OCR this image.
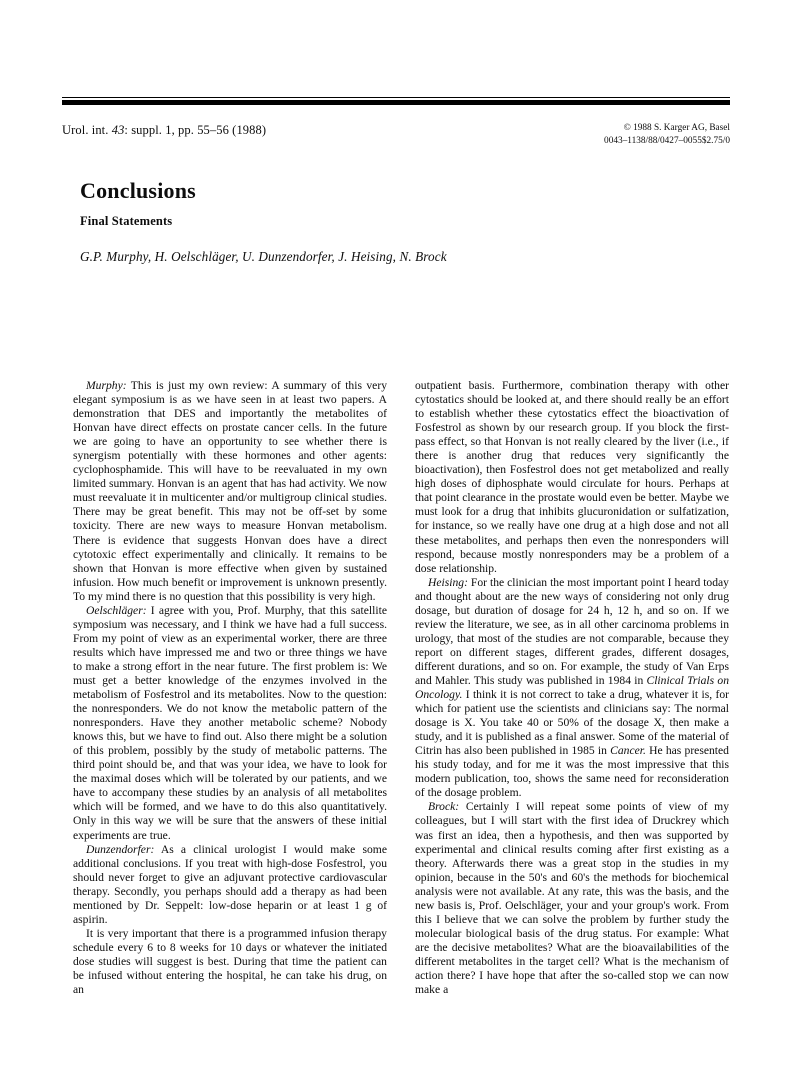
Urol. int. 43: suppl. 1, pp. 55–56 (1988)	© 1988 S. Karger AG, Basel
0043–1138/88/0427–0055$2.75/0
Conclusions
Final Statements
G.P. Murphy, H. Oelschläger, U. Dunzendorfer, J. Heising, N. Brock

Murphy: This is just my own review: A summary of this very elegant symposium is as we have seen in at least two papers. A demonstration that DES and importantly the metabolites of Honvan have direct effects on prostate cancer cells. In the future we are going to have an opportunity to see whether there is synergism potentially with these hormones and other agents: cyclophosphamide. This will have to be reevaluated in my own limited summary. Honvan is an agent that has had activity. We now must reevaluate it in multicenter and/or multigroup clinical studies. There may be great benefit. This may not be off-set by some toxicity. There are new ways to measure Honvan metabolism. There is evidence that suggests Honvan does have a direct cytotoxic effect experimentally and clinically. It remains to be shown that Honvan is more effective when given by sustained infusion. How much benefit or improvement is unknown presently. To my mind there is no question that this possibility is very high.

Oelschläger: I agree with you, Prof. Murphy, that this satellite symposium was necessary, and I think we have had a full success. From my point of view as an experimental worker, there are three results which have impressed me and two or three things we have to make a strong effort in the near future. The first problem is: We must get a better knowledge of the enzymes involved in the metabolism of Fosfestrol and its metabolites. Now to the question: the nonresponders. We do not know the metabolic pattern of the nonresponders. Have they another metabolic scheme? Nobody knows this, but we have to find out. Also there might be a solution of this problem, possibly by the study of metabolic patterns. The third point should be, and that was your idea, we have to look for the maximal doses which will be tolerated by our patients, and we have to accompany these studies by an analysis of all metabolites which will be formed, and we have to do this also quantitatively. Only in this way we will be sure that the answers of these initial experiments are true.

Dunzendorfer: As a clinical urologist I would make some additional conclusions. If you treat with high-dose Fosfestrol, you should never forget to give an adjuvant protective cardiovascular therapy. Secondly, you perhaps should add a therapy as had been mentioned by Dr. Seppelt: low-dose heparin or at least 1 g of aspirin.

It is very important that there is a programmed infusion therapy schedule every 6 to 8 weeks for 10 days or whatever the initiated dose studies will suggest is best. During that time the patient can be infused without entering the hospital, he can take his drug, on an

outpatient basis. Furthermore, combination therapy with other cytostatics should be looked at, and there should really be an effort to establish whether these cytostatics effect the bioactivation of Fosfestrol as shown by our research group. If you block the first-pass effect, so that Honvan is not really cleared by the liver (i.e., if there is another drug that reduces very significantly the bioactivation), then Fosfestrol does not get metabolized and really high doses of diphosphate would circulate for hours. Perhaps at that point clearance in the prostate would even be better. Maybe we must look for a drug that inhibits glucuronidation or sulfatization, for instance, so we really have one drug at a high dose and not all these metabolites, and perhaps then even the nonresponders will respond, because mostly nonresponders may be a problem of a dose relationship.

Heising: For the clinician the most important point I heard today and thought about are the new ways of considering not only drug dosage, but duration of dosage for 24 h, 12 h, and so on. If we review the literature, we see, as in all other carcinoma problems in urology, that most of the studies are not comparable, because they report on different stages, different grades, different dosages, different durations, and so on. For example, the study of Van Erps and Mahler. This study was published in 1984 in Clinical Trials on Oncology. I think it is not correct to take a drug, whatever it is, for which for patient use the scientists and clinicians say: The normal dosage is X. You take 40 or 50% of the dosage X, then make a study, and it is published as a final answer. Some of the material of Citrin has also been published in 1985 in Cancer. He has presented his study today, and for me it was the most impressive that this modern publication, too, shows the same need for reconsideration of the dosage problem.

Brock: Certainly I will repeat some points of view of my colleagues, but I will start with the first idea of Druckrey which was first an idea, then a hypothesis, and then was supported by experimental and clinical results coming after first existing as a theory. Afterwards there was a great stop in the studies in my opinion, because in the 50's and 60's the methods for biochemical analysis were not available. At any rate, this was the basis, and the new basis is, Prof. Oelschläger, your and your group's work. From this I believe that we can solve the problem by further study the molecular biological basis of the drug status. For example: What are the decisive metabolites? What are the bioavailabilities of the different metabolites in the target cell? What is the mechanism of action there? I have hope that after the so-called stop we can now make a
